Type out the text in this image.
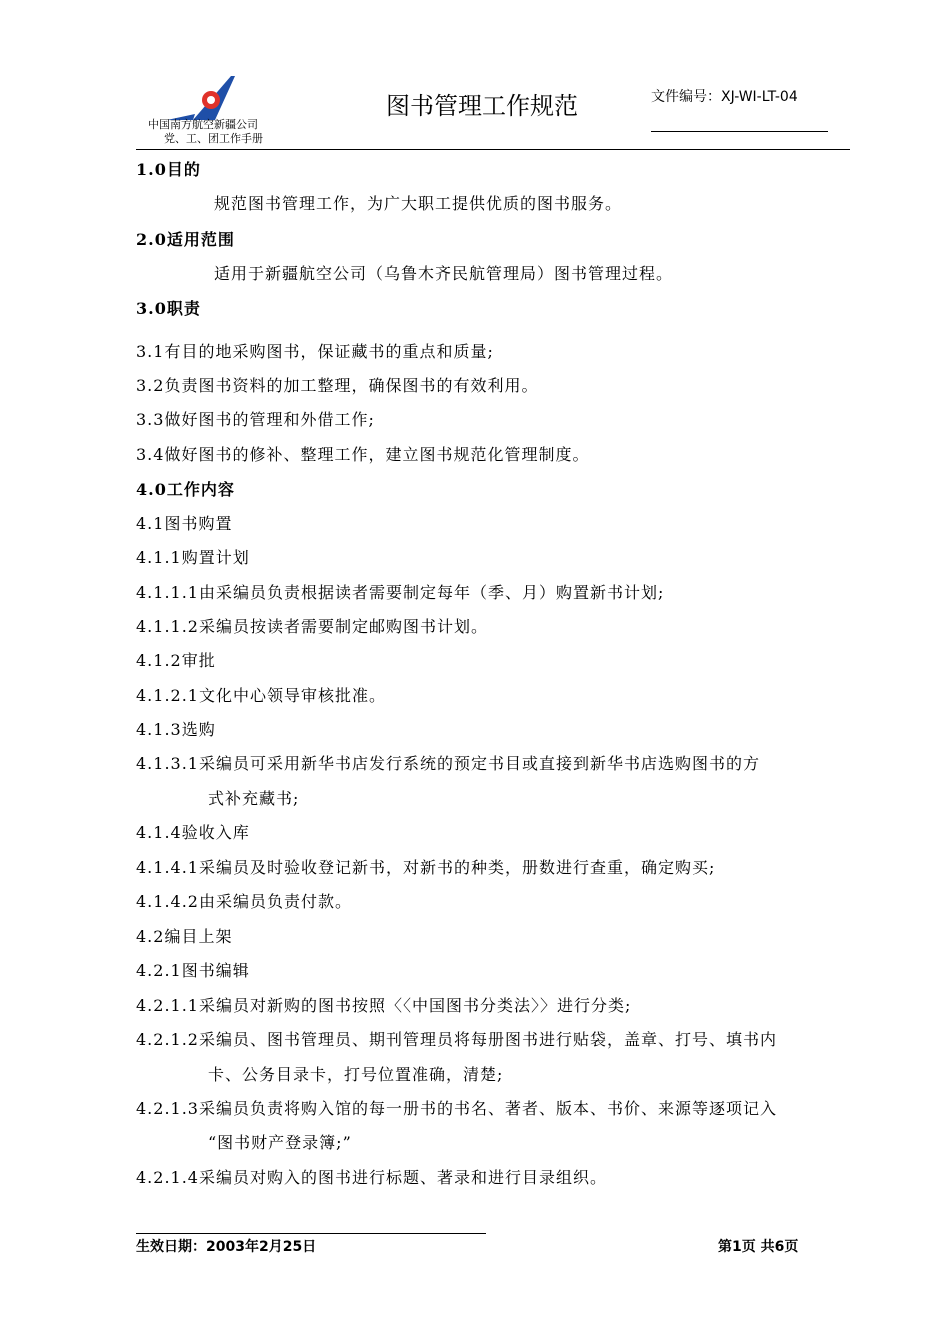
中国南方航空新疆公司
党、工、团工作手册
图书管理工作规范	文件编号：XJ-WI-LT-04
1.0目的
规范图书管理工作，为广大职工提供优质的图书服务。
2.0适用范围
适用于新疆航空公司（乌鲁木齐民航管理局）图书管理过程。
3.0职责
3.1有目的地采购图书，保证藏书的重点和质量;
3.2负责图书资料的加工整理，确保图书的有效利用。
3.3做好图书的管理和外借工作;
3.4做好图书的修补、整理工作，建立图书规范化管理制度。
4.0工作内容
4.1图书购置
4.1.1购置计划
4.1.1.1由采编员负责根据读者需要制定每年（季、月）购置新书计划;
4.1.1.2采编员按读者需要制定邮购图书计划。
4.1.2审批
4.1.2.1文化中心领导审核批准。
4.1.3选购
4.1.3.1采编员可采用新华书店发行系统的预定书目或直接到新华书店选购图书的方
式补充藏书;
4.1.4验收入库
4.1.4.1采编员及时验收登记新书，对新书的种类，册数进行查重，确定购买;
4.1.4.2由采编员负责付款。
4.2编目上架
4.2.1图书编辑
4.2.1.1采编员对新购的图书按照〈〈中国图书分类法〉〉进行分类;
4.2.1.2采编员、图书管理员、期刊管理员将每册图书进行贴袋，盖章、打号、填书内
卡、公务目录卡，打号位置准确，清楚;
4.2.1.3采编员负责将购入馆的每一册书的书名、著者、版本、书价、来源等逐项记入
“图书财产登录簿;”
4.2.1.4采编员对购入的图书进行标题、著录和进行目录组织。
生效日期：2003年2月25日	第1页 共6页
